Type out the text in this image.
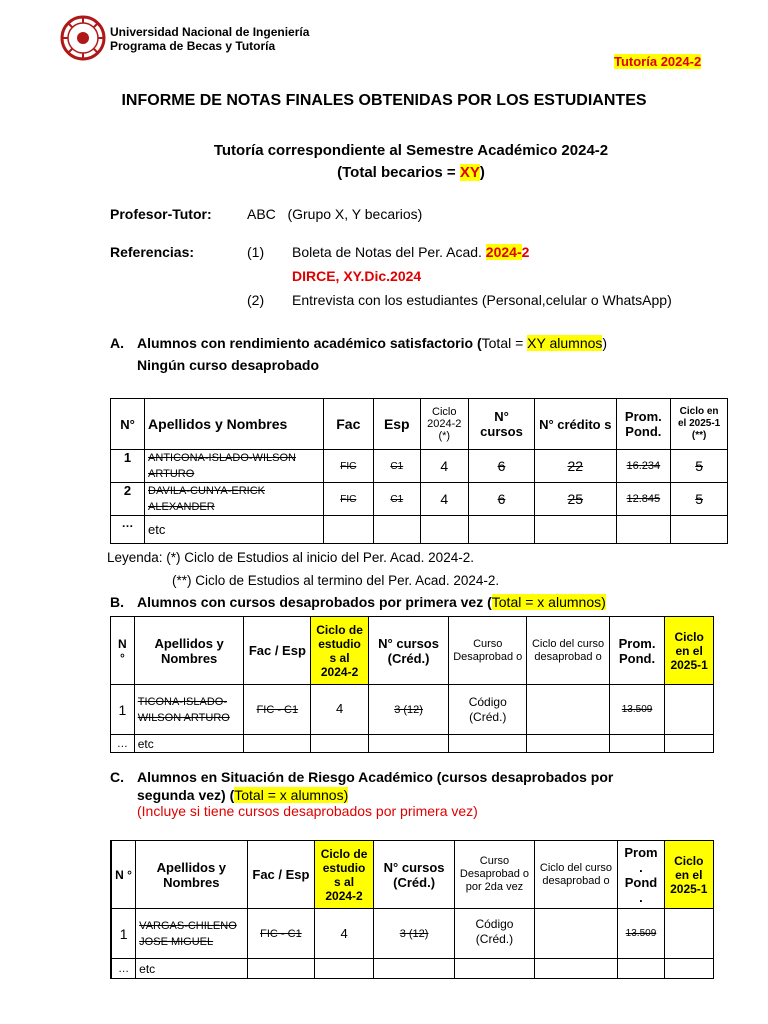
Universidad Nacional de Ingeniería
Programa de Becas y Tutoría
Tutoría 2024-2
INFORME DE NOTAS FINALES OBTENIDAS POR LOS ESTUDIANTES
Tutoría correspondiente al Semestre Académico 2024-2
(Total becarios = XY)
Profesor-Tutor:	ABC   (Grupo X, Y becarios)
Referencias:	(1) Boleta de Notas del Per. Acad. 2024-2
DIRCE, XY.Dic.2024
(2) Entrevista con los estudiantes (Personal,celular o WhatsApp)
A. Alumnos con rendimiento académico satisfactorio (Total = XY alumnos)
Ningún curso desaprobado
N°	Apellidos y Nombres	Fac	Esp	Ciclo 2024-2 (*)	N° cursos	N° crédito s	Prom. Pond.	Ciclo en el 2025-1 (**)
1	ANTICONA-ISLADO-WILSON ARTURO	FIC	C1	4	6	22	16.234	5
2	DAVILA-CUNYA-ERICK ALEXANDER	FIC	C1	4	6	25	12.845	5
…	etc							
Leyenda: (*) Ciclo de Estudios al inicio del Per. Acad. 2024-2.
(**) Ciclo de Estudios al termino del Per. Acad. 2024-2.
B. Alumnos con cursos desaprobados por primera vez (Total = x alumnos)
N °	Apellidos y Nombres	Fac / Esp	Ciclo de estudio s al 2024-2	N° cursos (Créd.)	Curso Desaprobad o	Ciclo del curso desaprobad o	Prom. Pond.	Ciclo en el 2025-1
1	TICONA-ISLADO-WILSON ARTURO	FIC - C1	4	3 (12)	Código (Créd.)		13.509	
…	etc							
C. Alumnos en Situación de Riesgo Académico (cursos desaprobados por
segunda vez) (Total = x alumnos)
(Incluye si tiene cursos desaprobados por primera vez)
N °	Apellidos y Nombres	Fac / Esp	Ciclo de estudio s al 2024-2	N° cursos (Créd.)	Curso Desaprobad o por 2da vez	Ciclo del curso desaprobad o	Prom . Pond .	Ciclo en el 2025-1
1	VARGAS-CHILENO JOSE MIGUEL	FIC - C1	4	3 (12)	Código (Créd.)		13.509	
…	etc							
